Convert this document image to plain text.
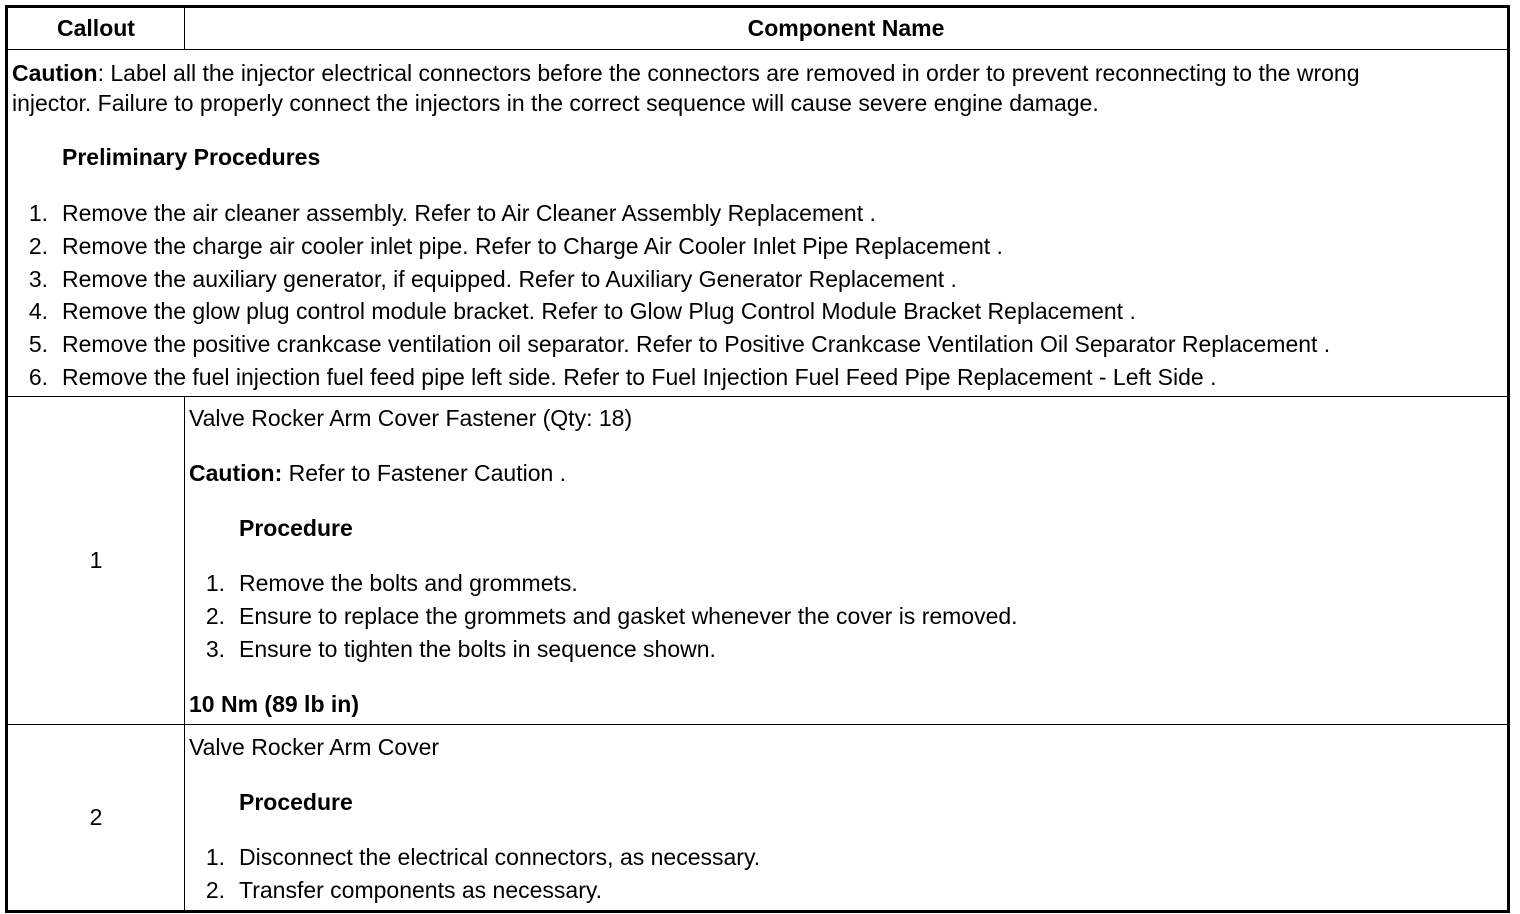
Callout	Component Name
Caution: Label all the injector electrical connectors before the connectors are removed in order to prevent reconnecting to the wrong
injector. Failure to properly connect the injectors in the correct sequence will cause severe engine damage.
Preliminary Procedures
1. Remove the air cleaner assembly. Refer to Air Cleaner Assembly Replacement .
2. Remove the charge air cooler inlet pipe. Refer to Charge Air Cooler Inlet Pipe Replacement .
3. Remove the auxiliary generator, if equipped. Refer to Auxiliary Generator Replacement .
4. Remove the glow plug control module bracket. Refer to Glow Plug Control Module Bracket Replacement .
5. Remove the positive crankcase ventilation oil separator. Refer to Positive Crankcase Ventilation Oil Separator Replacement .
6. Remove the fuel injection fuel feed pipe left side. Refer to Fuel Injection Fuel Feed Pipe Replacement - Left Side .
1
Valve Rocker Arm Cover Fastener (Qty: 18)
Caution: Refer to Fastener Caution .
Procedure
1. Remove the bolts and grommets.
2. Ensure to replace the grommets and gasket whenever the cover is removed.
3. Ensure to tighten the bolts in sequence shown.
10 Nm (89 lb in)
2
Valve Rocker Arm Cover
Procedure
1. Disconnect the electrical connectors, as necessary.
2. Transfer components as necessary.
